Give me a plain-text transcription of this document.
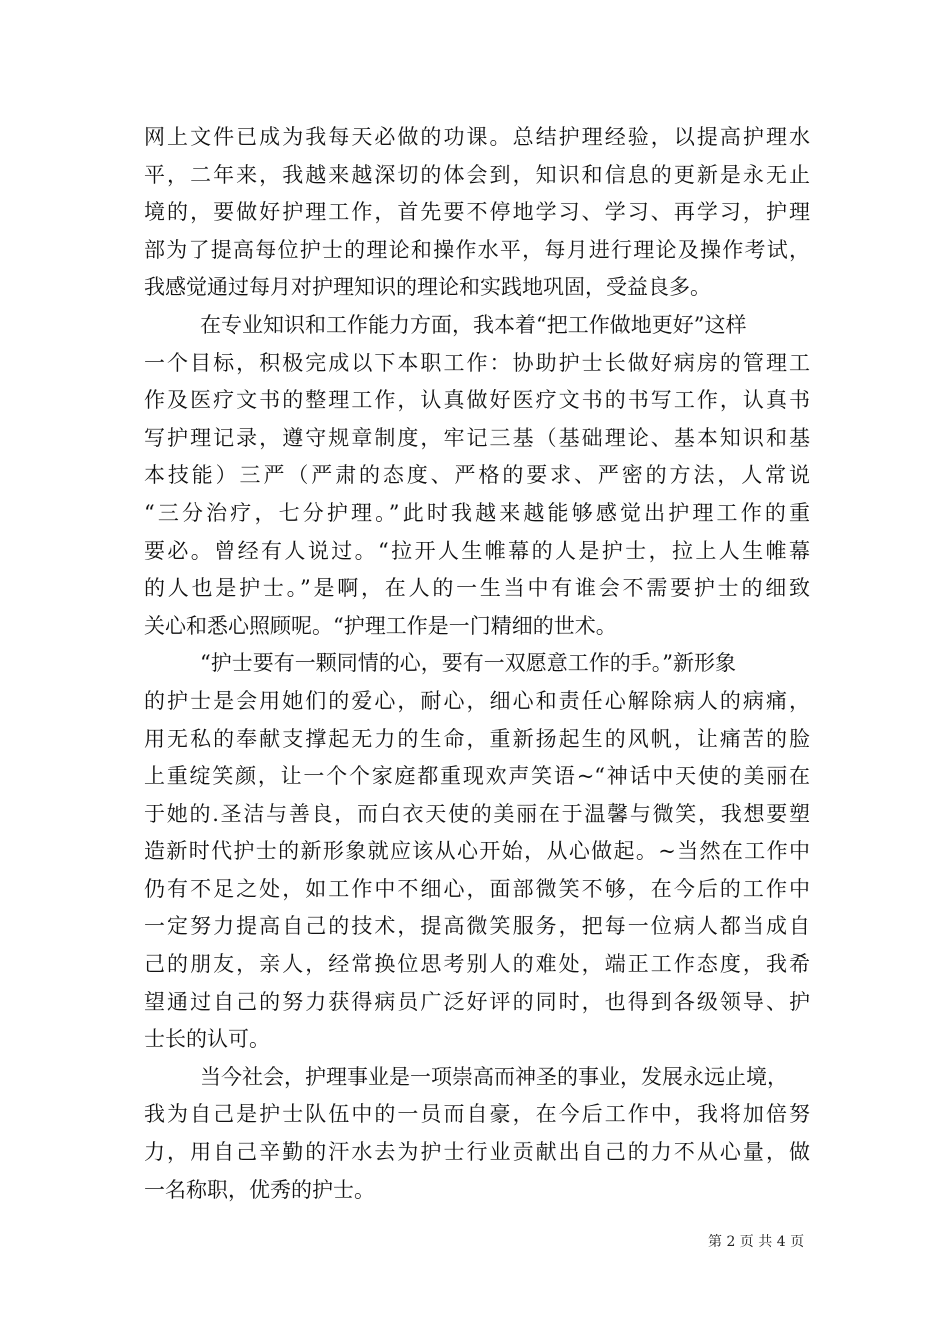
网上文件已成为我每天必做的功课。总结护理经验，以提高护理水
平，二年来，我越来越深切的体会到，知识和信息的更新是永无止
境的，要做好护理工作，首先要不停地学习、学习、再学习，护理
部为了提高每位护士的理论和操作水平，每月进行理论及操作考试，
我感觉通过每月对护理知识的理论和实践地巩固，受益良多。
在专业知识和工作能力方面，我本着“把工作做地更好”这样
一个目标，积极完成以下本职工作：协助护士长做好病房的管理工
作及医疗文书的整理工作，认真做好医疗文书的书写工作，认真书
写护理记录，遵守规章制度，牢记三基（基础理论、基本知识和基
本技能）三严（严肃的态度、严格的要求、严密的方法，人常说
“三分治疗，七分护理。”此时我越来越能够感觉出护理工作的重
要必。曾经有人说过。“拉开人生帷幕的人是护士，拉上人生帷幕
的人也是护士。”是啊，在人的一生当中有谁会不需要护士的细致
关心和悉心照顾呢。“护理工作是一门精细的世术。
“护士要有一颗同情的心，要有一双愿意工作的手。”新形象
的护士是会用她们的爱心，耐心，细心和责任心解除病人的病痛，
用无私的奉献支撑起无力的生命，重新扬起生的风帆，让痛苦的脸
上重绽笑颜，让一个个家庭都重现欢声笑语~“神话中天使的美丽在
于她的.圣洁与善良，而白衣天使的美丽在于温馨与微笑，我想要塑
造新时代护士的新形象就应该从心开始，从心做起。~当然在工作中
仍有不足之处，如工作中不细心，面部微笑不够，在今后的工作中
一定努力提高自己的技术，提高微笑服务，把每一位病人都当成自
己的朋友，亲人，经常换位思考别人的难处，端正工作态度，我希
望通过自己的努力获得病员广泛好评的同时，也得到各级领导、护
士长的认可。
当今社会，护理事业是一项崇高而神圣的事业，发展永远止境，
我为自己是护士队伍中的一员而自豪，在今后工作中，我将加倍努
力，用自己辛勤的汗水去为护士行业贡献出自己的力不从心量，做
一名称职，优秀的护士。
第 2 页 共 4 页
